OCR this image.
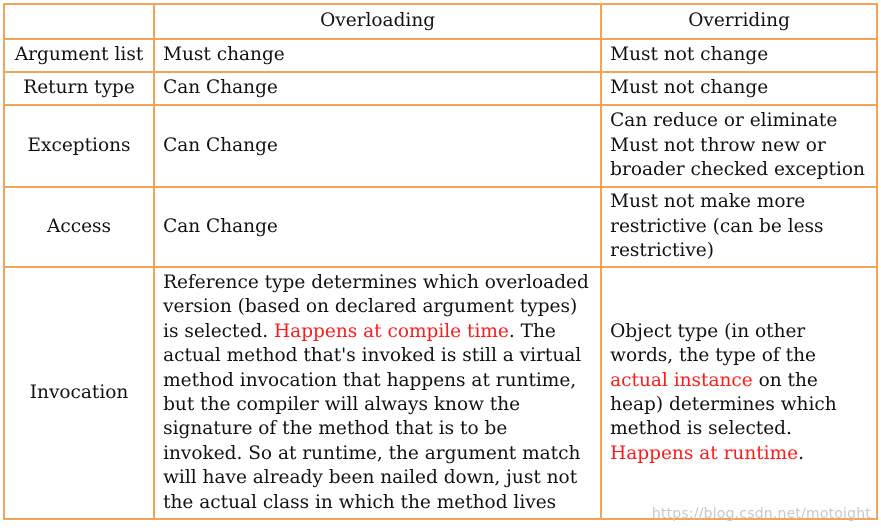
	Overloading	Overriding
Argument list	Must change	Must not change
Return type	Can Change	Must not change
Exceptions	Can Change	Can reduce or eliminate
Must not throw new or
broader checked exception

Access	Can Change	Must not make more
restrictive (can be less
restrictive)

Invocation	Reference type determines which overloaded version (based on declared argument types) is selected. Happens at compile time. The actual method that's invoked is still a virtual method invocation that happens at runtime, but the compiler will always know the signature of the method that is to be invoked. So at runtime, the argument match will have already been nailed down, just not the actual class in which the method lives	Object type (in other words, the type of the actual instance on the heap) determines which method is selected.
Happens at runtime.
https://blog.csdn.net/motoight
